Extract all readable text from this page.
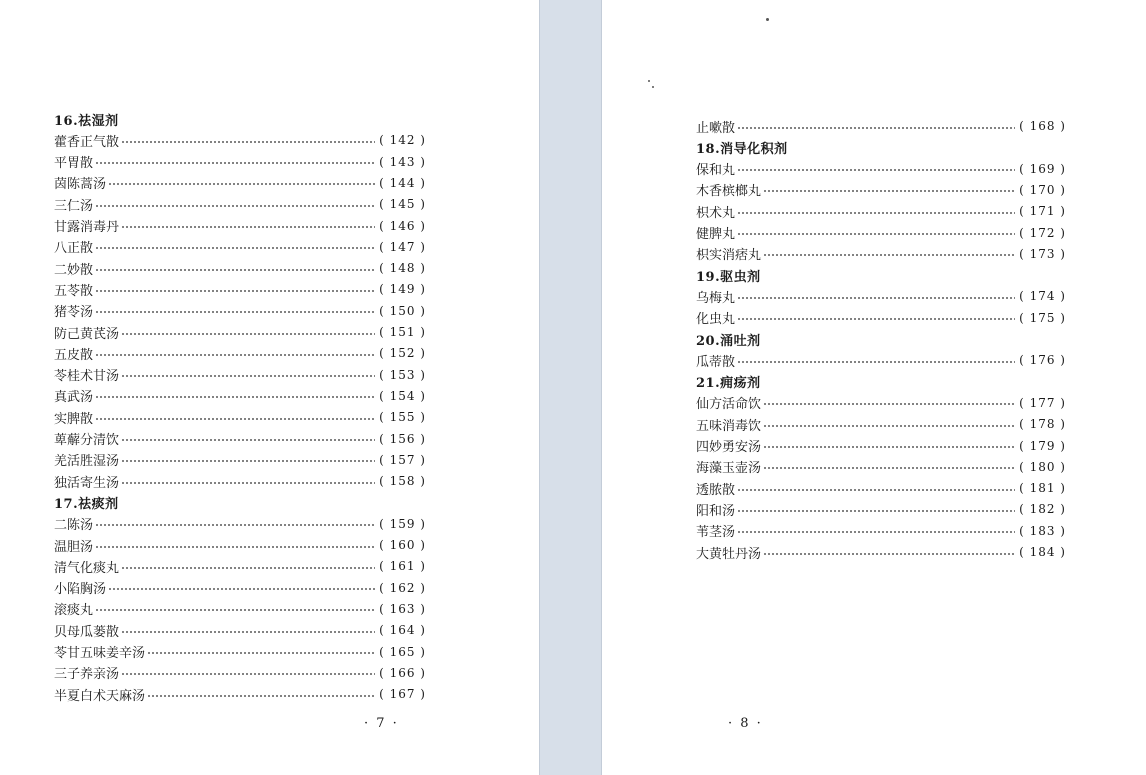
16.祛湿剂
藿香正气散	( 142 )
平胃散	( 143 )
茵陈蒿汤	( 144 )
三仁汤	( 145 )
甘露消毒丹	( 146 )
八正散	( 147 )
二妙散	( 148 )
五苓散	( 149 )
猪苓汤	( 150 )
防己黄芪汤	( 151 )
五皮散	( 152 )
苓桂术甘汤	( 153 )
真武汤	( 154 )
实脾散	( 155 )
萆薢分清饮	( 156 )
羌活胜湿汤	( 157 )
独活寄生汤	( 158 )
17.祛痰剂
二陈汤	( 159 )
温胆汤	( 160 )
清气化痰丸	( 161 )
小陷胸汤	( 162 )
滚痰丸	( 163 )
贝母瓜蒌散	( 164 )
苓甘五味姜辛汤	( 165 )
三子养亲汤	( 166 )
半夏白术天麻汤	( 167 )
· 7 ·
止嗽散	( 168 )
18.消导化积剂
保和丸	( 169 )
木香槟榔丸	( 170 )
枳术丸	( 171 )
健脾丸	( 172 )
枳实消痞丸	( 173 )
19.驱虫剂
乌梅丸	( 174 )
化虫丸	( 175 )
20.涌吐剂
瓜蒂散	( 176 )
21.痈疡剂
仙方活命饮	( 177 )
五味消毒饮	( 178 )
四妙勇安汤	( 179 )
海藻玉壶汤	( 180 )
透脓散	( 181 )
阳和汤	( 182 )
苇茎汤	( 183 )
大黄牡丹汤	( 184 )
· 8 ·
